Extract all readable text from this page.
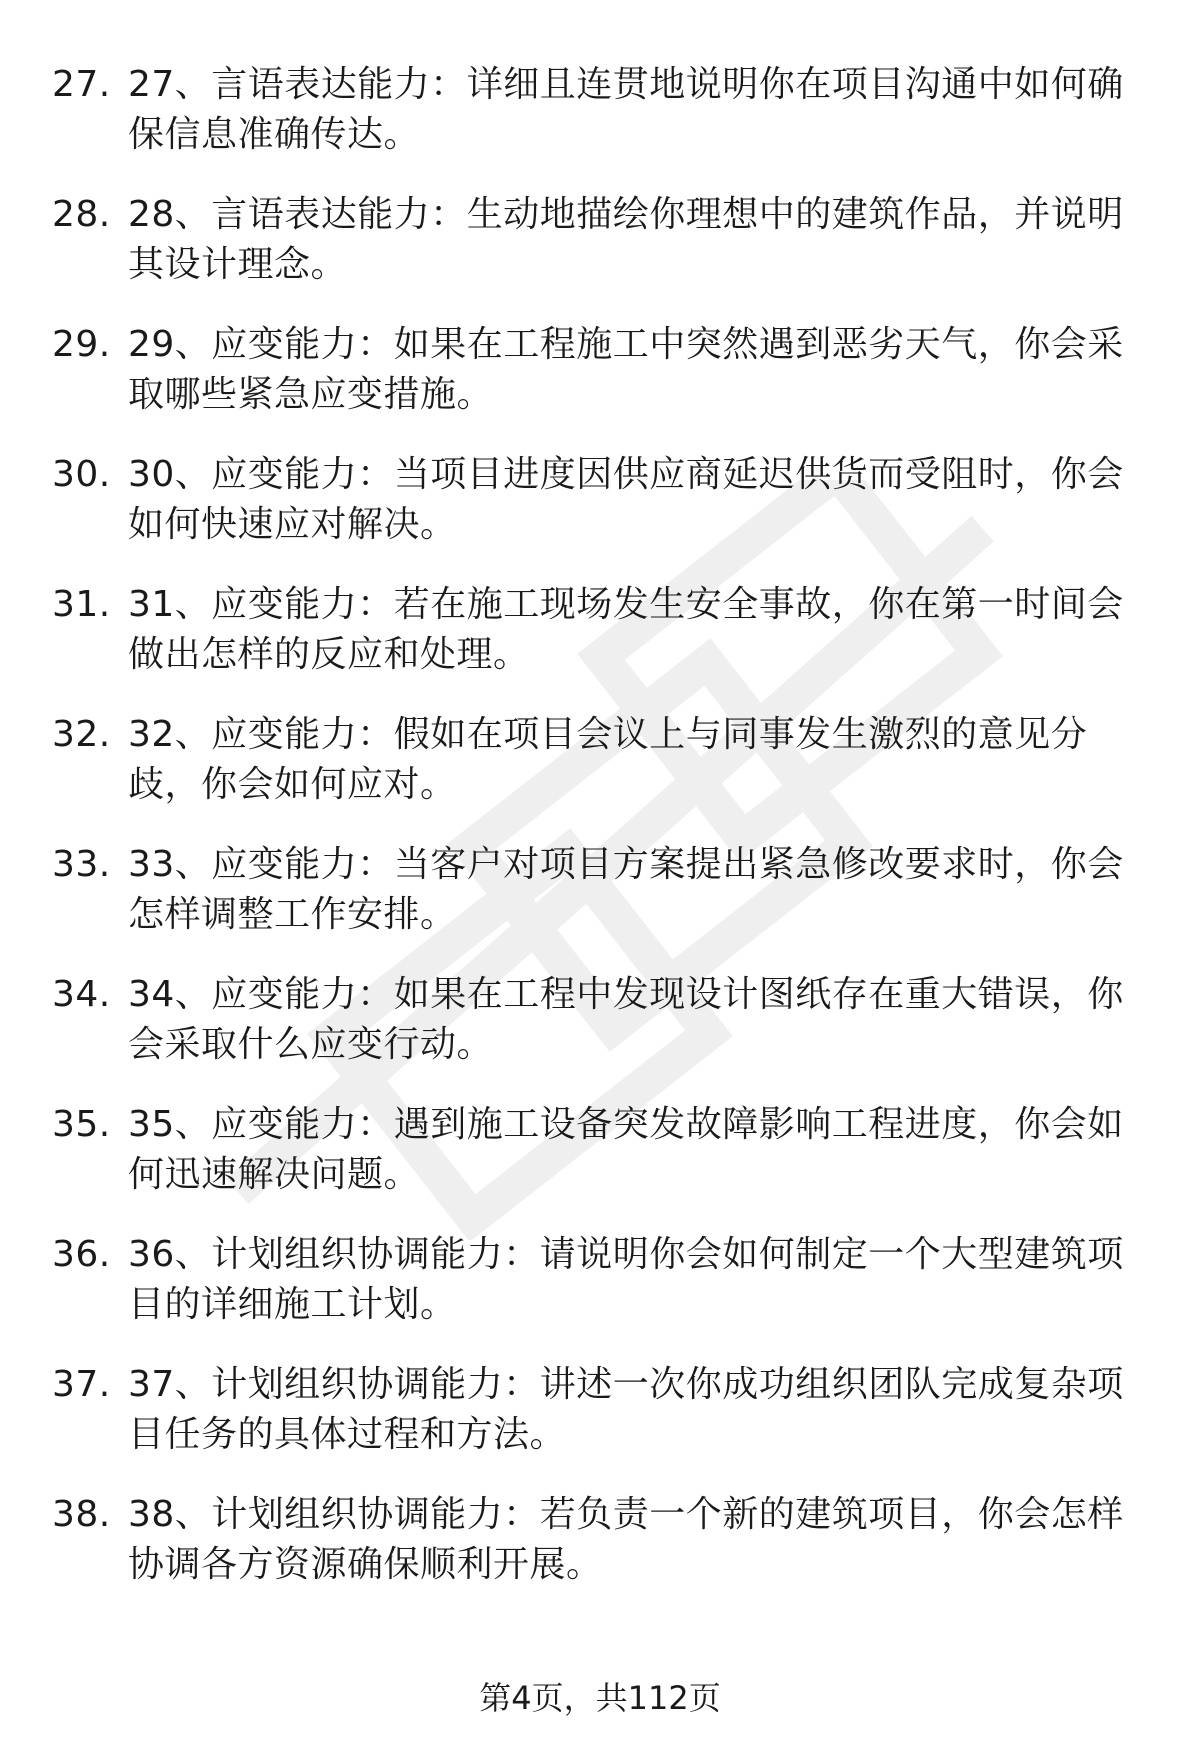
27. 27、言语表达能力：详细且连贯地说明你在项目沟通中如何确保信息准确传达。
28. 28、言语表达能力：生动地描绘你理想中的建筑作品，并说明其设计理念。
29. 29、应变能力：如果在工程施工中突然遇到恶劣天气，你会采取哪些紧急应变措施。
30. 30、应变能力：当项目进度因供应商延迟供货而受阻时，你会如何快速应对解决。
31. 31、应变能力：若在施工现场发生安全事故，你在第一时间会做出怎样的反应和处理。
32. 32、应变能力：假如在项目会议上与同事发生激烈的意见分歧，你会如何应对。
33. 33、应变能力：当客户对项目方案提出紧急修改要求时，你会怎样调整工作安排。
34. 34、应变能力：如果在工程中发现设计图纸存在重大错误，你会采取什么应变行动。
35. 35、应变能力：遇到施工设备突发故障影响工程进度，你会如何迅速解决问题。
36. 36、计划组织协调能力：请说明你会如何制定一个大型建筑项目的详细施工计划。
37. 37、计划组织协调能力：讲述一次你成功组织团队完成复杂项目任务的具体过程和方法。
38. 38、计划组织协调能力：若负责一个新的建筑项目，你会怎样协调各方资源确保顺利开展。
第4页，共112页
